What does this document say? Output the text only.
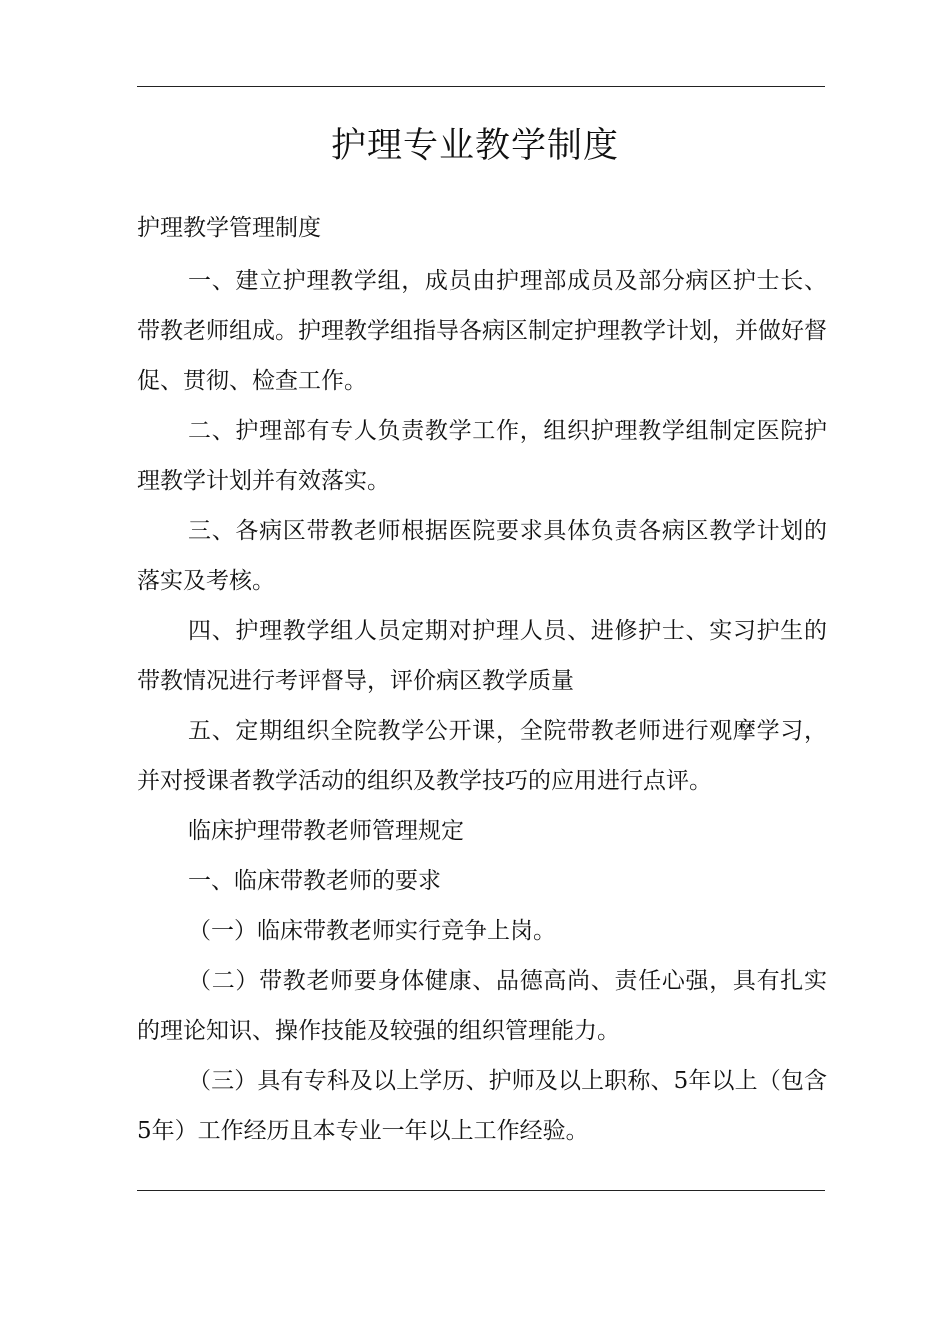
护理专业教学制度

护理教学管理制度

一、建立护理教学组，成员由护理部成员及部分病区护士长、带教老师组成。护理教学组指导各病区制定护理教学计划，并做好督促、贯彻、检查工作。

二、护理部有专人负责教学工作，组织护理教学组制定医院护理教学计划并有效落实。

三、各病区带教老师根据医院要求具体负责各病区教学计划的落实及考核。

四、护理教学组人员定期对护理人员、进修护士、实习护生的带教情况进行考评督导，评价病区教学质量

五、定期组织全院教学公开课，全院带教老师进行观摩学习，并对授课者教学活动的组织及教学技巧的应用进行点评。

临床护理带教老师管理规定

一、临床带教老师的要求

（一）临床带教老师实行竞争上岗。

（二）带教老师要身体健康、品德高尚、责任心强，具有扎实的理论知识、操作技能及较强的组织管理能力。

（三）具有专科及以上学历、护师及以上职称、5年以上（包含5年）工作经历且本专业一年以上工作经验。
